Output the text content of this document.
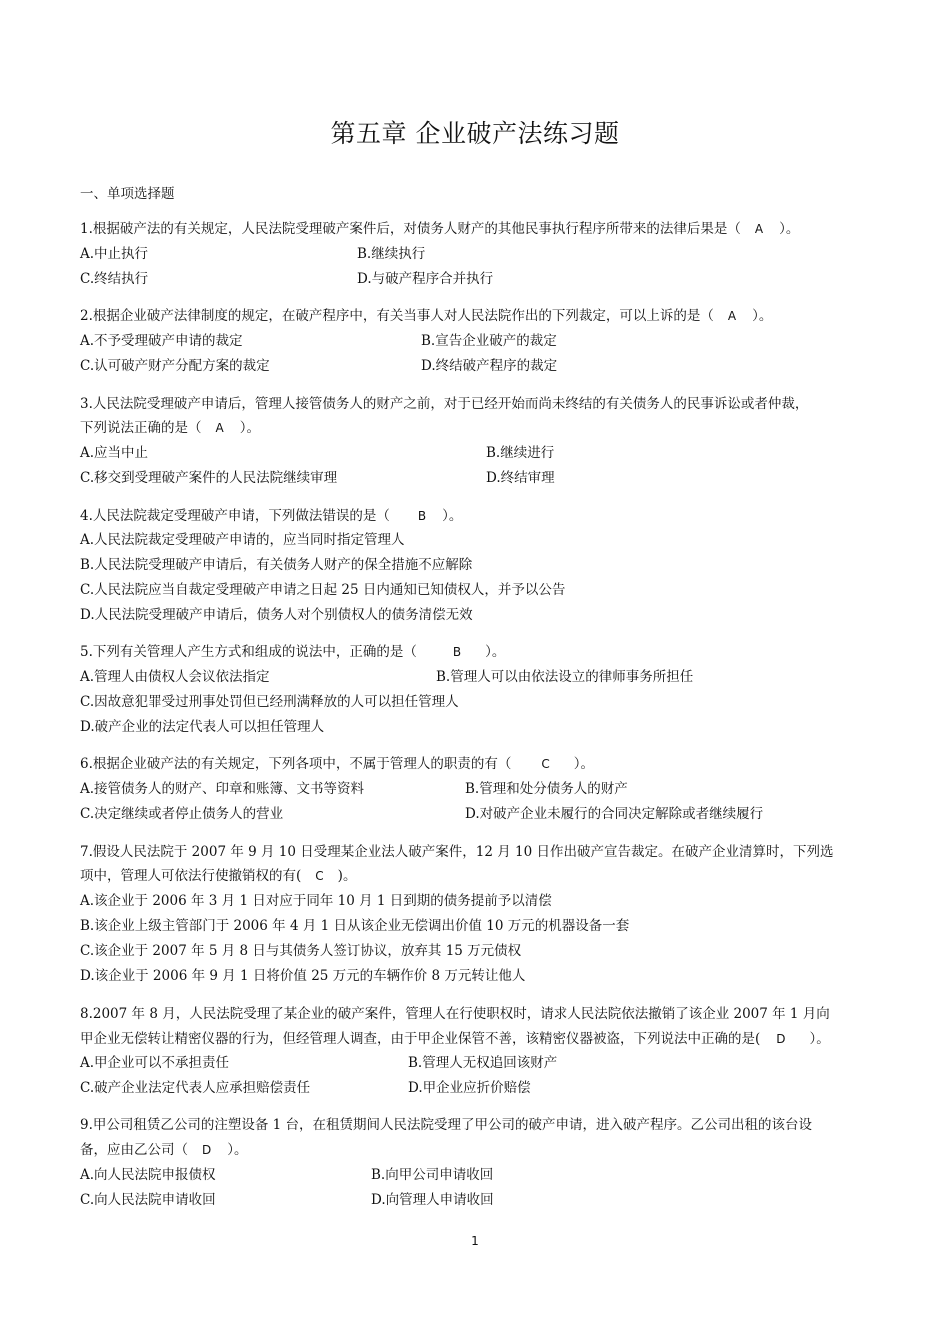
第五章 企业破产法练习题
一、单项选择题
1.根据破产法的有关规定，人民法院受理破产案件后，对债务人财产的其他民事执行程序所带来的法律后果是（ A ）。
A.中止执行	B.继续执行
C.终结执行	D.与破产程序合并执行
2.根据企业破产法律制度的规定，在破产程序中，有关当事人对人民法院作出的下列裁定，可以上诉的是（ A ）。
A.不予受理破产申请的裁定	B.宣告企业破产的裁定
C.认可破产财产分配方案的裁定	D.终结破产程序的裁定
3.人民法院受理破产申请后，管理人接管债务人的财产之前，对于已经开始而尚未终结的有关债务人的民事诉讼或者仲裁，
下列说法正确的是（ A ）。
A.应当中止	B.继续进行
C.移交到受理破产案件的人民法院继续审理	D.终结审理
4.人民法院裁定受理破产申请，下列做法错误的是（ B ）。
A.人民法院裁定受理破产申请的，应当同时指定管理人
B.人民法院受理破产申请后，有关债务人财产的保全措施不应解除
C.人民法院应当自裁定受理破产申请之日起 25 日内通知已知债权人，并予以公告
D.人民法院受理破产申请后，债务人对个别债权人的债务清偿无效
5.下列有关管理人产生方式和组成的说法中，正确的是（	B ）。
A.管理人由债权人会议依法指定	B.管理人可以由依法设立的律师事务所担任
C.因故意犯罪受过刑事处罚但已经刑满释放的人可以担任管理人
D.破产企业的法定代表人可以担任管理人
6.根据企业破产法的有关规定，下列各项中，不属于管理人的职责的有（	C ）。
A.接管债务人的财产、印章和账簿、文书等资料	B.管理和处分债务人的财产
C.决定继续或者停止债务人的营业	D.对破产企业未履行的合同决定解除或者继续履行
7.假设人民法院于 2007 年 9 月 10 日受理某企业法人破产案件，12 月 10 日作出破产宣告裁定。在破产企业清算时，下列选
项中，管理人可依法行使撤销权的有( C )。
A.该企业于 2006 年 3 月 1 日对应于同年 10 月 1 日到期的债务提前予以清偿
B.该企业上级主管部门于 2006 年 4 月 1 日从该企业无偿调出价值 10 万元的机器设备一套
C.该企业于 2007 年 5 月 8 日与其债务人签订协议，放弃其 15 万元债权
D.该企业于 2006 年 9 月 1 日将价值 25 万元的车辆作价 8 万元转让他人
8.2007 年 8 月，人民法院受理了某企业的破产案件，管理人在行使职权时，请求人民法院依法撤销了该企业 2007 年 1 月向
甲企业无偿转让精密仪器的行为，但经管理人调查，由于甲企业保管不善，该精密仪器被盗，下列说法中正确的是( D ）。
A.甲企业可以不承担责任	B.管理人无权追回该财产
C.破产企业法定代表人应承担赔偿责任	D.甲企业应折价赔偿
9.甲公司租赁乙公司的注塑设备 1 台，在租赁期间人民法院受理了甲公司的破产申请，进入破产程序。乙公司出租的该台设
备，应由乙公司（ D ）。
A.向人民法院申报债权	B.向甲公司申请收回
C.向人民法院申请收回	D.向管理人申请收回
1
